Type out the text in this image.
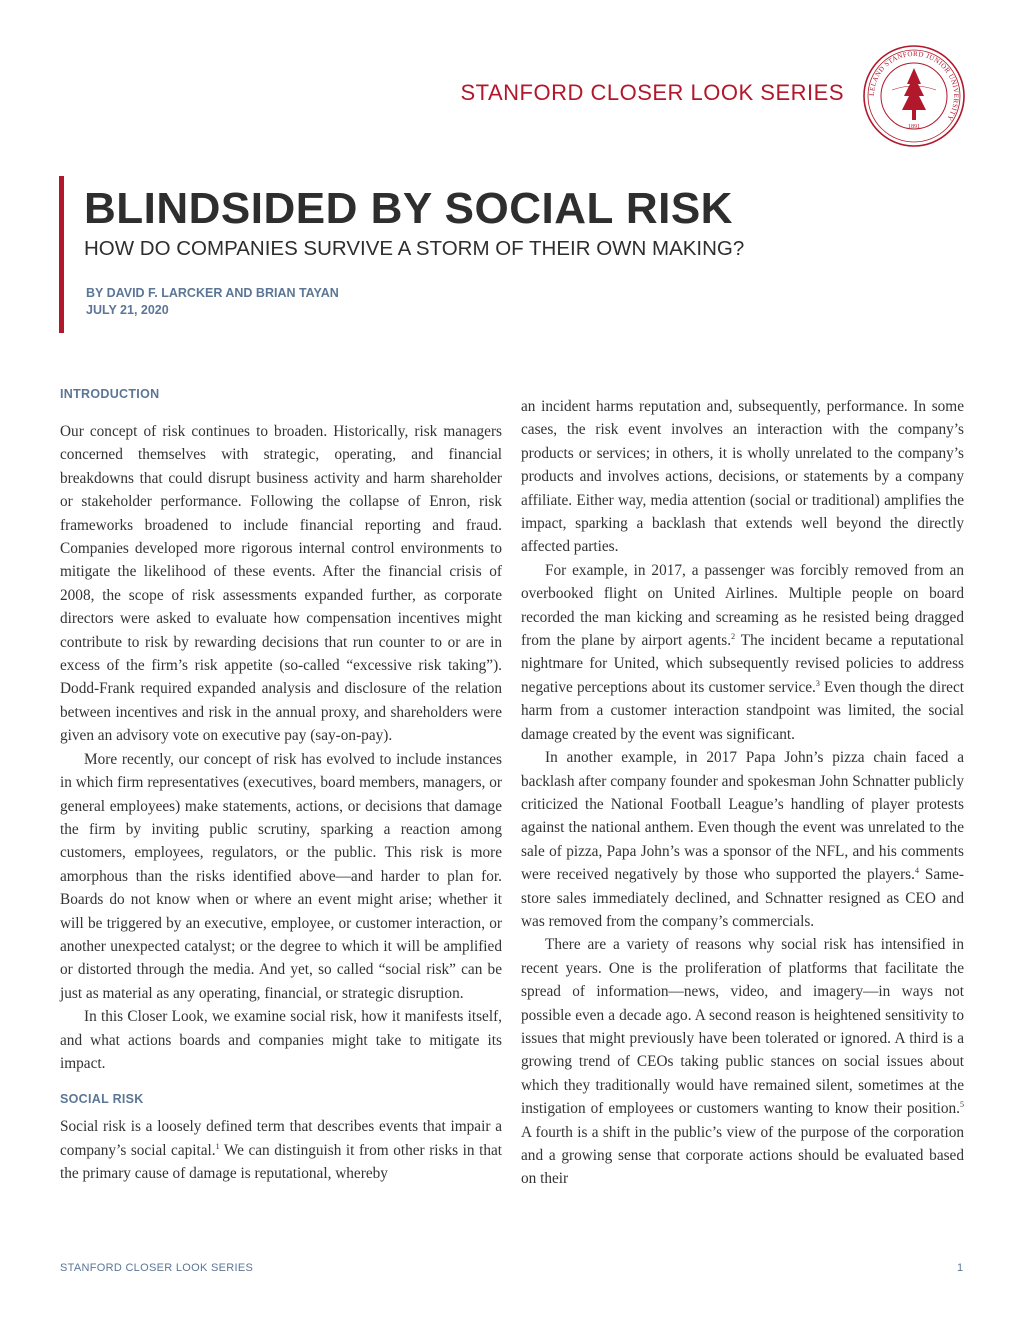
STANFORD CLOSER LOOK SERIES	LELAND STANFORD JUNIOR UNIVERSITY
1891
BLINDSIDED BY SOCIAL RISK
HOW DO COMPANIES SURVIVE A STORM OF THEIR OWN MAKING?
BY DAVID F. LARCKER AND BRIAN TAYAN
JULY 21, 2020
INTRODUCTION

Our concept of risk continues to broaden. Historically, risk managers concerned themselves with strategic, operating, and financial breakdowns that could disrupt business activity and harm shareholder or stakeholder performance. Following the collapse of Enron, risk frameworks broadened to include financial reporting and fraud. Companies developed more rigorous internal control environments to mitigate the likelihood of these events. After the financial crisis of 2008, the scope of risk assessments expanded further, as corporate directors were asked to evaluate how compensation incentives might contribute to risk by rewarding decisions that run counter to or are in excess of the firm’s risk appetite (so-called “excessive risk taking”). Dodd-Frank required expanded analysis and disclosure of the relation between incentives and risk in the annual proxy, and shareholders were given an advisory vote on executive pay (say-on-pay).

More recently, our concept of risk has evolved to include instances in which firm representatives (executives, board members, managers, or general employees) make statements, actions, or decisions that damage the firm by inviting public scrutiny, sparking a reaction among customers, employees, regulators, or the public. This risk is more amorphous than the risks identified above—and harder to plan for. Boards do not know when or where an event might arise; whether it will be triggered by an executive, employee, or customer interaction, or another unexpected catalyst; or the degree to which it will be amplified or distorted through the media. And yet, so called “social risk” can be just as material as any operating, financial, or strategic disruption.

In this Closer Look, we examine social risk, how it manifests itself, and what actions boards and companies might take to mitigate its impact.

SOCIAL RISK

Social risk is a loosely defined term that describes events that impair a company’s social capital.$^1$ We can distinguish it from other risks in that the primary cause of damage is reputational, whereby

an incident harms reputation and, subsequently, performance. In some cases, the risk event involves an interaction with the company’s products or services; in others, it is wholly unrelated to the company’s products and involves actions, decisions, or statements by a company affiliate. Either way, media attention (social or traditional) amplifies the impact, sparking a backlash that extends well beyond the directly affected parties.

For example, in 2017, a passenger was forcibly removed from an overbooked flight on United Airlines. Multiple people on board recorded the man kicking and screaming as he resisted being dragged from the plane by airport agents.$^2$ The incident became a reputational nightmare for United, which subsequently revised policies to address negative perceptions about its customer service.$^3$ Even though the direct harm from a customer interaction standpoint was limited, the social damage created by the event was significant.

In another example, in 2017 Papa John’s pizza chain faced a backlash after company founder and spokesman John Schnatter publicly criticized the National Football League’s handling of player protests against the national anthem. Even though the event was unrelated to the sale of pizza, Papa John’s was a sponsor of the NFL, and his comments were received negatively by those who supported the players.$^4$ Same-store sales immediately declined, and Schnatter resigned as CEO and was removed from the company’s commercials.

There are a variety of reasons why social risk has intensified in recent years. One is the proliferation of platforms that facilitate the spread of information—news, video, and imagery—in ways not possible even a decade ago. A second reason is heightened sensitivity to issues that might previously have been tolerated or ignored. A third is a growing trend of CEOs taking public stances on social issues about which they traditionally would have remained silent, sometimes at the instigation of employees or customers wanting to know their position.$^5$ A fourth is a shift in the public’s view of the purpose of the corporation and a growing sense that corporate actions should be evaluated based on their

STANFORD CLOSER LOOK SERIES	1
